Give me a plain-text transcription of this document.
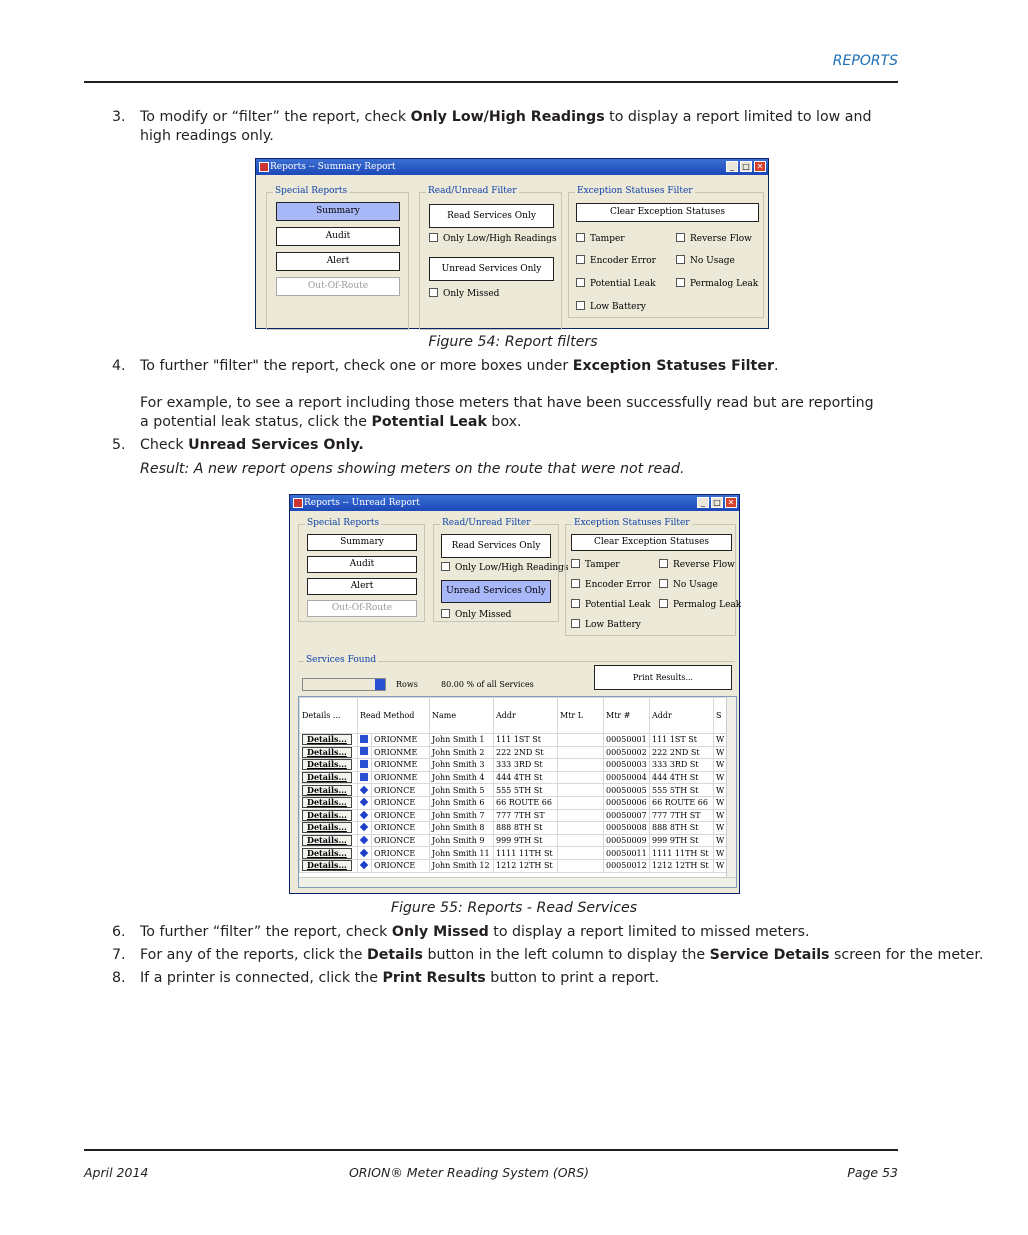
REPORTS
3.	To modify or “filter” the report, check Only Low/High Readings to display a report limited to low and high readings only.
Reports -- Summary Report	_	□ ✕
Special Reports
Summary
Audit
Alert
Out-Of-Route
Read/Unread Filter
Read Services Only
Only Low/High Readings
Unread Services Only
Only Missed
Exception Statuses Filter
Clear Exception Statuses
Tamper	Reverse Flow
Encoder Error	No Usage
Potential Leak	Permalog Leak
Low Battery
Figure 54: Report filters
4.	To further "filter" the report, check one or more boxes under Exception Statuses Filter.
For example, to see a report including those meters that have been successfully read but are reporting a potential leak status, click the Potential Leak box.
5.	Check Unread Services Only.
Result: A new report opens showing meters on the route that were not read.
Reports -- Unread Report	_	□ ✕
Special Reports
Summary
Audit
Alert
Out-Of-Route
Read/Unread Filter
Read Services Only
Only Low/High Readings
Unread Services Only
Only Missed
Exception Statuses Filter
Clear Exception Statuses
Tamper	Reverse Flow
Encoder Error	No Usage
Potential Leak	Permalog Leak
Low Battery
Services Found
Rows	80.00 % of all Services
Print Results...
Details ...	Read Method		Name	Addr	Mtr L	Mtr #	Addr	S
Details...		ORIONME	John Smith 1	111 1ST St		00050001	111 1ST St	W
Details...		ORIONME	John Smith 2	222 2ND St		00050002	222 2ND St	W
Details...		ORIONME	John Smith 3	333 3RD St		00050003	333 3RD St	W
Details...		ORIONME	John Smith 4	444 4TH St		00050004	444 4TH St	W
Details...		ORIONCE	John Smith 5	555 5TH St		00050005	555 5TH St	W
Details...		ORIONCE	John Smith 6	66 ROUTE 66		00050006	66 ROUTE 66	W
Details...		ORIONCE	John Smith 7	777 7TH ST		00050007	777 7TH ST	W
Details...		ORIONCE	John Smith 8	888 8TH St		00050008	888 8TH St	W
Details...		ORIONCE	John Smith 9	999 9TH St		00050009	999 9TH St	W
Details...		ORIONCE	John Smith 11	1111 11TH St		00050011	1111 11TH St	W
Details...		ORIONCE	John Smith 12	1212 12TH St		00050012	1212 12TH St	W
Figure 55: Reports - Read Services
6.	To further “filter” the report, check Only Missed to display a report limited to missed meters.
7.	For any of the reports, click the Details button in the left column to display the Service Details screen for the meter.
8.	If a printer is connected, click the Print Results button to print a report.
April 2014	ORION® Meter Reading System (ORS)	Page 53
